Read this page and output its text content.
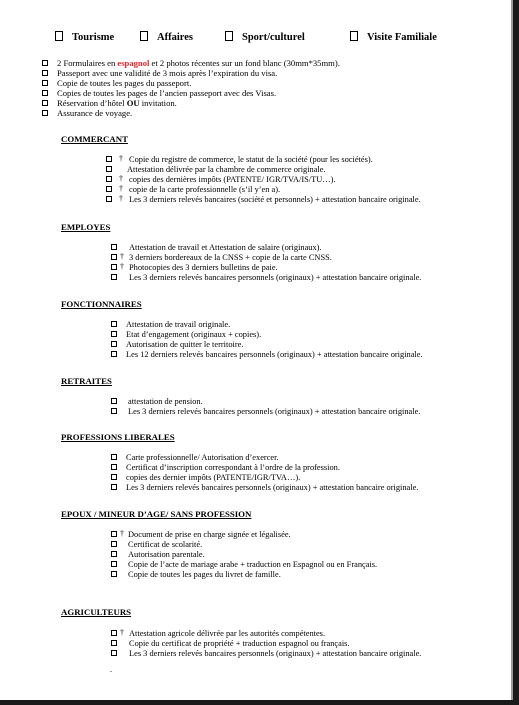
Tourisme	Affaires	Sport/culturel	Visite Familiale
2 Formulaires en espagnol et 2 photos récentes sur un fond blanc (30mm*35mm).
Passeport avec une validité de 3 mois après l’expiration du visa.
Copie de toutes les pages du passeport.
Copies de toutes les pages de l’ancien passeport avec des Visas.
Réservation d’hôtel OU invitation.
Assurance de voyage.
COMMERCANT
† Copie du registre de commerce, le statut de la société (pour les sociétés).
Attestation délivrée par la chambre de commerce originale.
† copies des dernières impôts (PATENTE/ IGR/TVA/IS/TU…).
† copie de la carte professionnelle (s’il y’en a).
† Les 3 derniers relevés bancaires (société et personnels) + attestation bancaire originale.
EMPLOYES
Attestation de travail et Attestation de salaire (originaux).
† 3 derniers bordereaux de la CNSS + copie de la carte CNSS.
† Photocopies des 3 derniers bulletins de paie.
Les 3 derniers relevés bancaires personnels (originaux) + attestation bancaire originale.
FONCTIONNAIRES
Attestation de travail originale.
Etat d’engagement (originaux + copies).
Autorisation de quitter le territoire.
Les 12 derniers relevés bancaires personnels (originaux) + attestation bancaire originale.
RETRAITES
attestation de pension.
Les 3 derniers relevés bancaires personnels (originaux) + attestation bancaire originale.
PROFESSIONS LIBERALES
Carte professionnelle/ Autorisation d’exercer.
Certificat d’inscription correspondant à l’ordre de la profession.
copies des dernier impôts (PATENTE/IGR/TVA…).
Les 3 derniers relevés bancaires personnels (originaux) + attestation bancaire originale.
EPOUX / MINEUR D’AGE/ SANS PROFESSION
† Document de prise en charge signée et légalisée.
Certificat de scolarité.
Autorisation parentale.
Copie de l’acte de mariage arabe + traduction en Espagnol ou en Français.
Copie de toutes les pages du livret de famille.
AGRICULTEURS
† Attestation agricole délivrée par les autorités compétentes.
Copie du certificat de propriété + traduction espagnol ou français.
Les 3 derniers relevés bancaires personnels (originaux) + attestation bancaire originale.
.
